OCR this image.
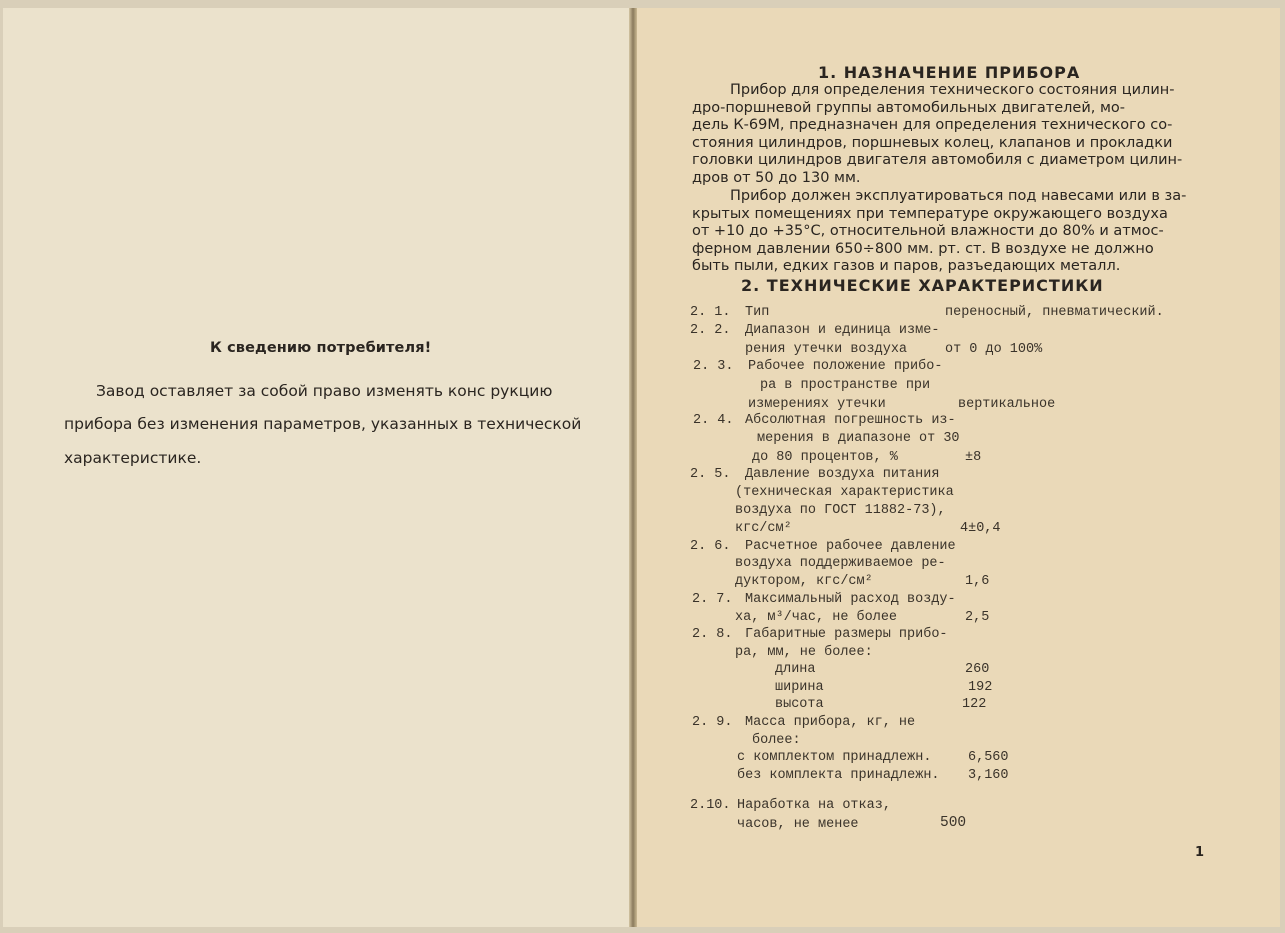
К сведению потребителя!
Завод оставляет за собой право изменять конс рукцию
прибора без изменения параметров, указанных в технической
характеристике.
1. НАЗНАЧЕНИЕ ПРИБОРА
Прибор для определения технического состояния цилин-
дро-поршневой группы автомобильных двигателей, мо-
дель К-69М, предназначен для определения технического со-
стояния цилиндров, поршневых колец, клапанов и прокладки
головки цилиндров двигателя автомобиля с диаметром цилин-
дров от 50 до 130 мм.
Прибор должен эксплуатироваться под навесами или в за-
крытых помещениях при температуре окружающего воздуха
от +10 до +35°С, относительной влажности до 80% и атмос-
ферном давлении 650÷800 мм. рт. ст. В воздухе не должно
быть пыли, едких газов и паров, разъедающих металл.
2. ТЕХНИЧЕСКИЕ ХАРАКТЕРИСТИКИ
2. 1. Тип	переносный, пневматический.
2. 2. Диапазон и единица изме-
рения утечки воздуха	от 0 до 100%
2. 3. Рабочее положение прибо-
ра в пространстве при
измерениях утечки	вертикальное
2. 4. Абсолютная погрешность из-
мерения в диапазоне от 30
до 80 процентов, %	±8
2. 5. Давление воздуха питания
(техническая характеристика
воздуха по ГОСТ 11882-73),
кгс/см²	4±0,4
2. 6. Расчетное рабочее давление
воздуха поддерживаемое ре-
дуктором, кгс/см²	1,6
2. 7. Максимальный расход возду-
ха, м³/час, не более	2,5
2. 8. Габаритные размеры прибо-
ра, мм, не более:
длина	260
ширина	192
высота	122
2. 9. Масса прибора, кг, не
более:
с комплектом принадлежн.	6,560
без комплекта принадлежн. 3,160
2.10. Наработка на отказ,
часов, не менее	500
1
